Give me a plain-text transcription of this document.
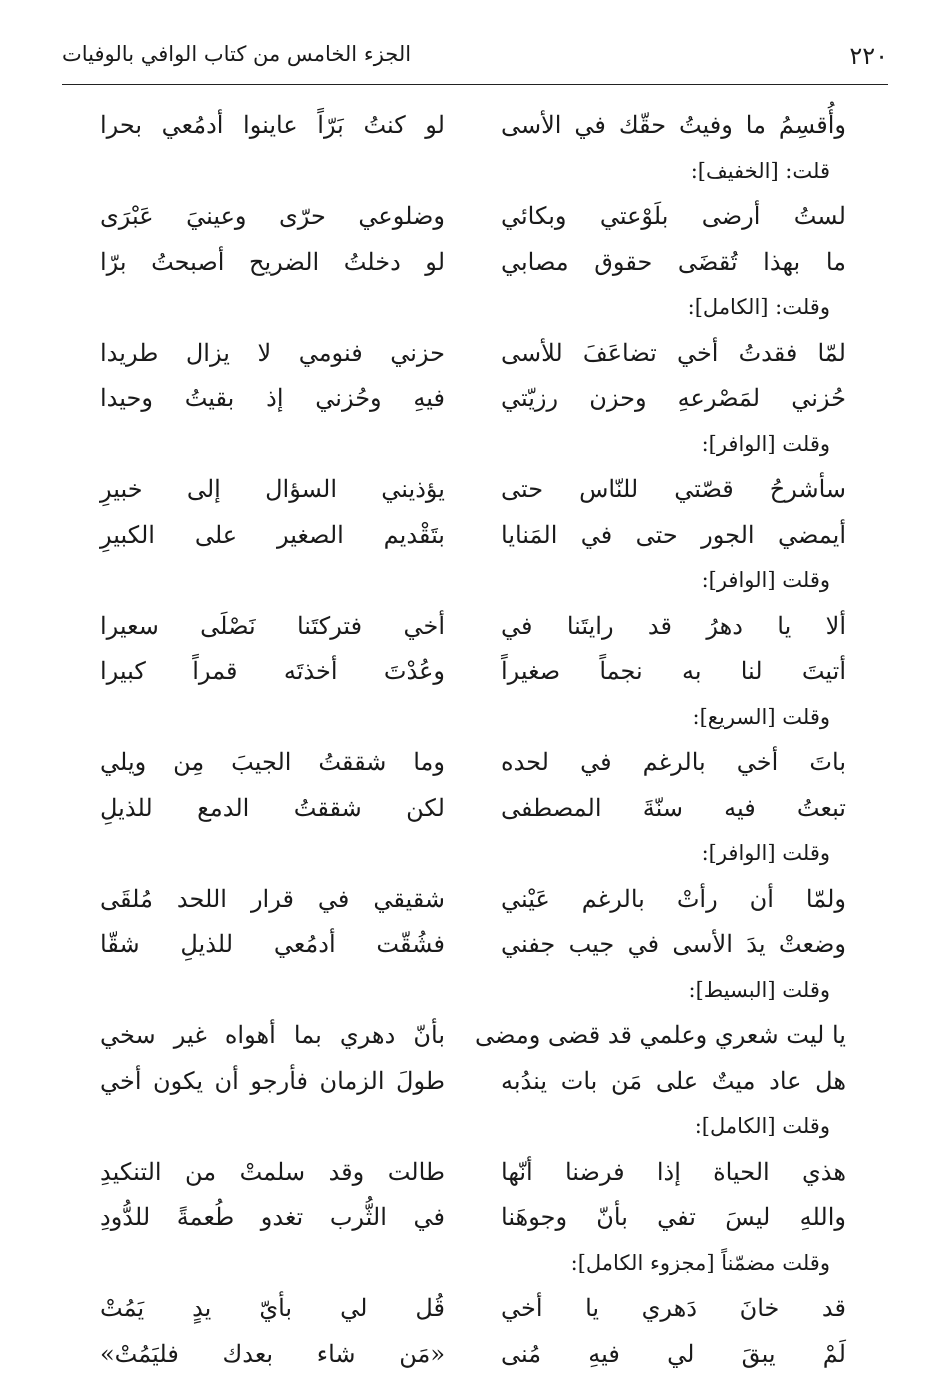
٢٢٠
الجزء الخامس من كتاب الوافي بالوفيات
وأُقسِمُ ما وفيتُ حقّك في الأسى
لو كنتُ بَرّاً عاينوا أدمُعي بحرا
قلت: [الخفيف]:
لستُ أرضى بلَوْعتي وبكائي
وضلوعي حرّى وعينيَ عَبْرَى
ما بهذا تُقضَى حقوق مصابي
لو دخلتُ الضريح أصبحتُ برّا
وقلت: [الكامل]:
لمّا فقدتُ أخي تضاعَفَ للأسى
حزني فنومي لا يزال طريدا
حُزني لمَصْرعهِ وحزن رزيّتي
فيهِ وحُزني إذ بقيتُ وحيدا
وقلت [الوافر]:
سأشرحُ قصّتي للنّاس حتى
يؤذيني السؤال إلى خبيرِ
أيمضي الجور حتى في المَنايا
بتَقْديم الصغير على الكبيرِ
وقلت [الوافر]:
ألا يا دهرُ قد رايتَنا في
أخي فتركتَنا نَصْلَى سعيرا
أتيتَ لنا به نجماً صغيراً
وعُدْتَ أخذتَه قمراً كبيرا
وقلت [السريع]:
باتَ أخي بالرغم في لحده
وما شققتُ الجيبَ مِن ويلي
تبعتُ فيه سنّةَ المصطفى
لكن شققتُ الدمع للذيلِ
وقلت [الوافر]:
ولمّا أن رأتْ بالرغم عَيْني
شقيقي في قرار اللحد مُلقَى
وضعتْ يدَ الأسى في جيب جفني
فشُقّت أدمُعي للذيلِ شقّا
وقلت [البسيط]:
يا ليت شعري وعلمي قد قضى ومضى
بأنّ دهري بما أهواه غير سخي
هل عاد ميتٌ على مَن بات يندُبه
طولَ الزمان فأرجو أن يكون أخي
وقلت [الكامل]:
هذي الحياة إذا فرضنا أنّها
طالت وقد سلمتْ من التنكيدِ
واللهِ ليسَ تفي بأنّ وجوهَنا
في الثُّرب تغدو طُعمةً للدُّودِ
وقلت مضمّناً [مجزوء الكامل]:
قد خانَ دَهري يا أخي
قُل لي بأيّ يدٍ يَمُتْ
لَمْ يبقَ لي فيهِ مُنى
«مَن شاء بعدك فليَمُتْ»
